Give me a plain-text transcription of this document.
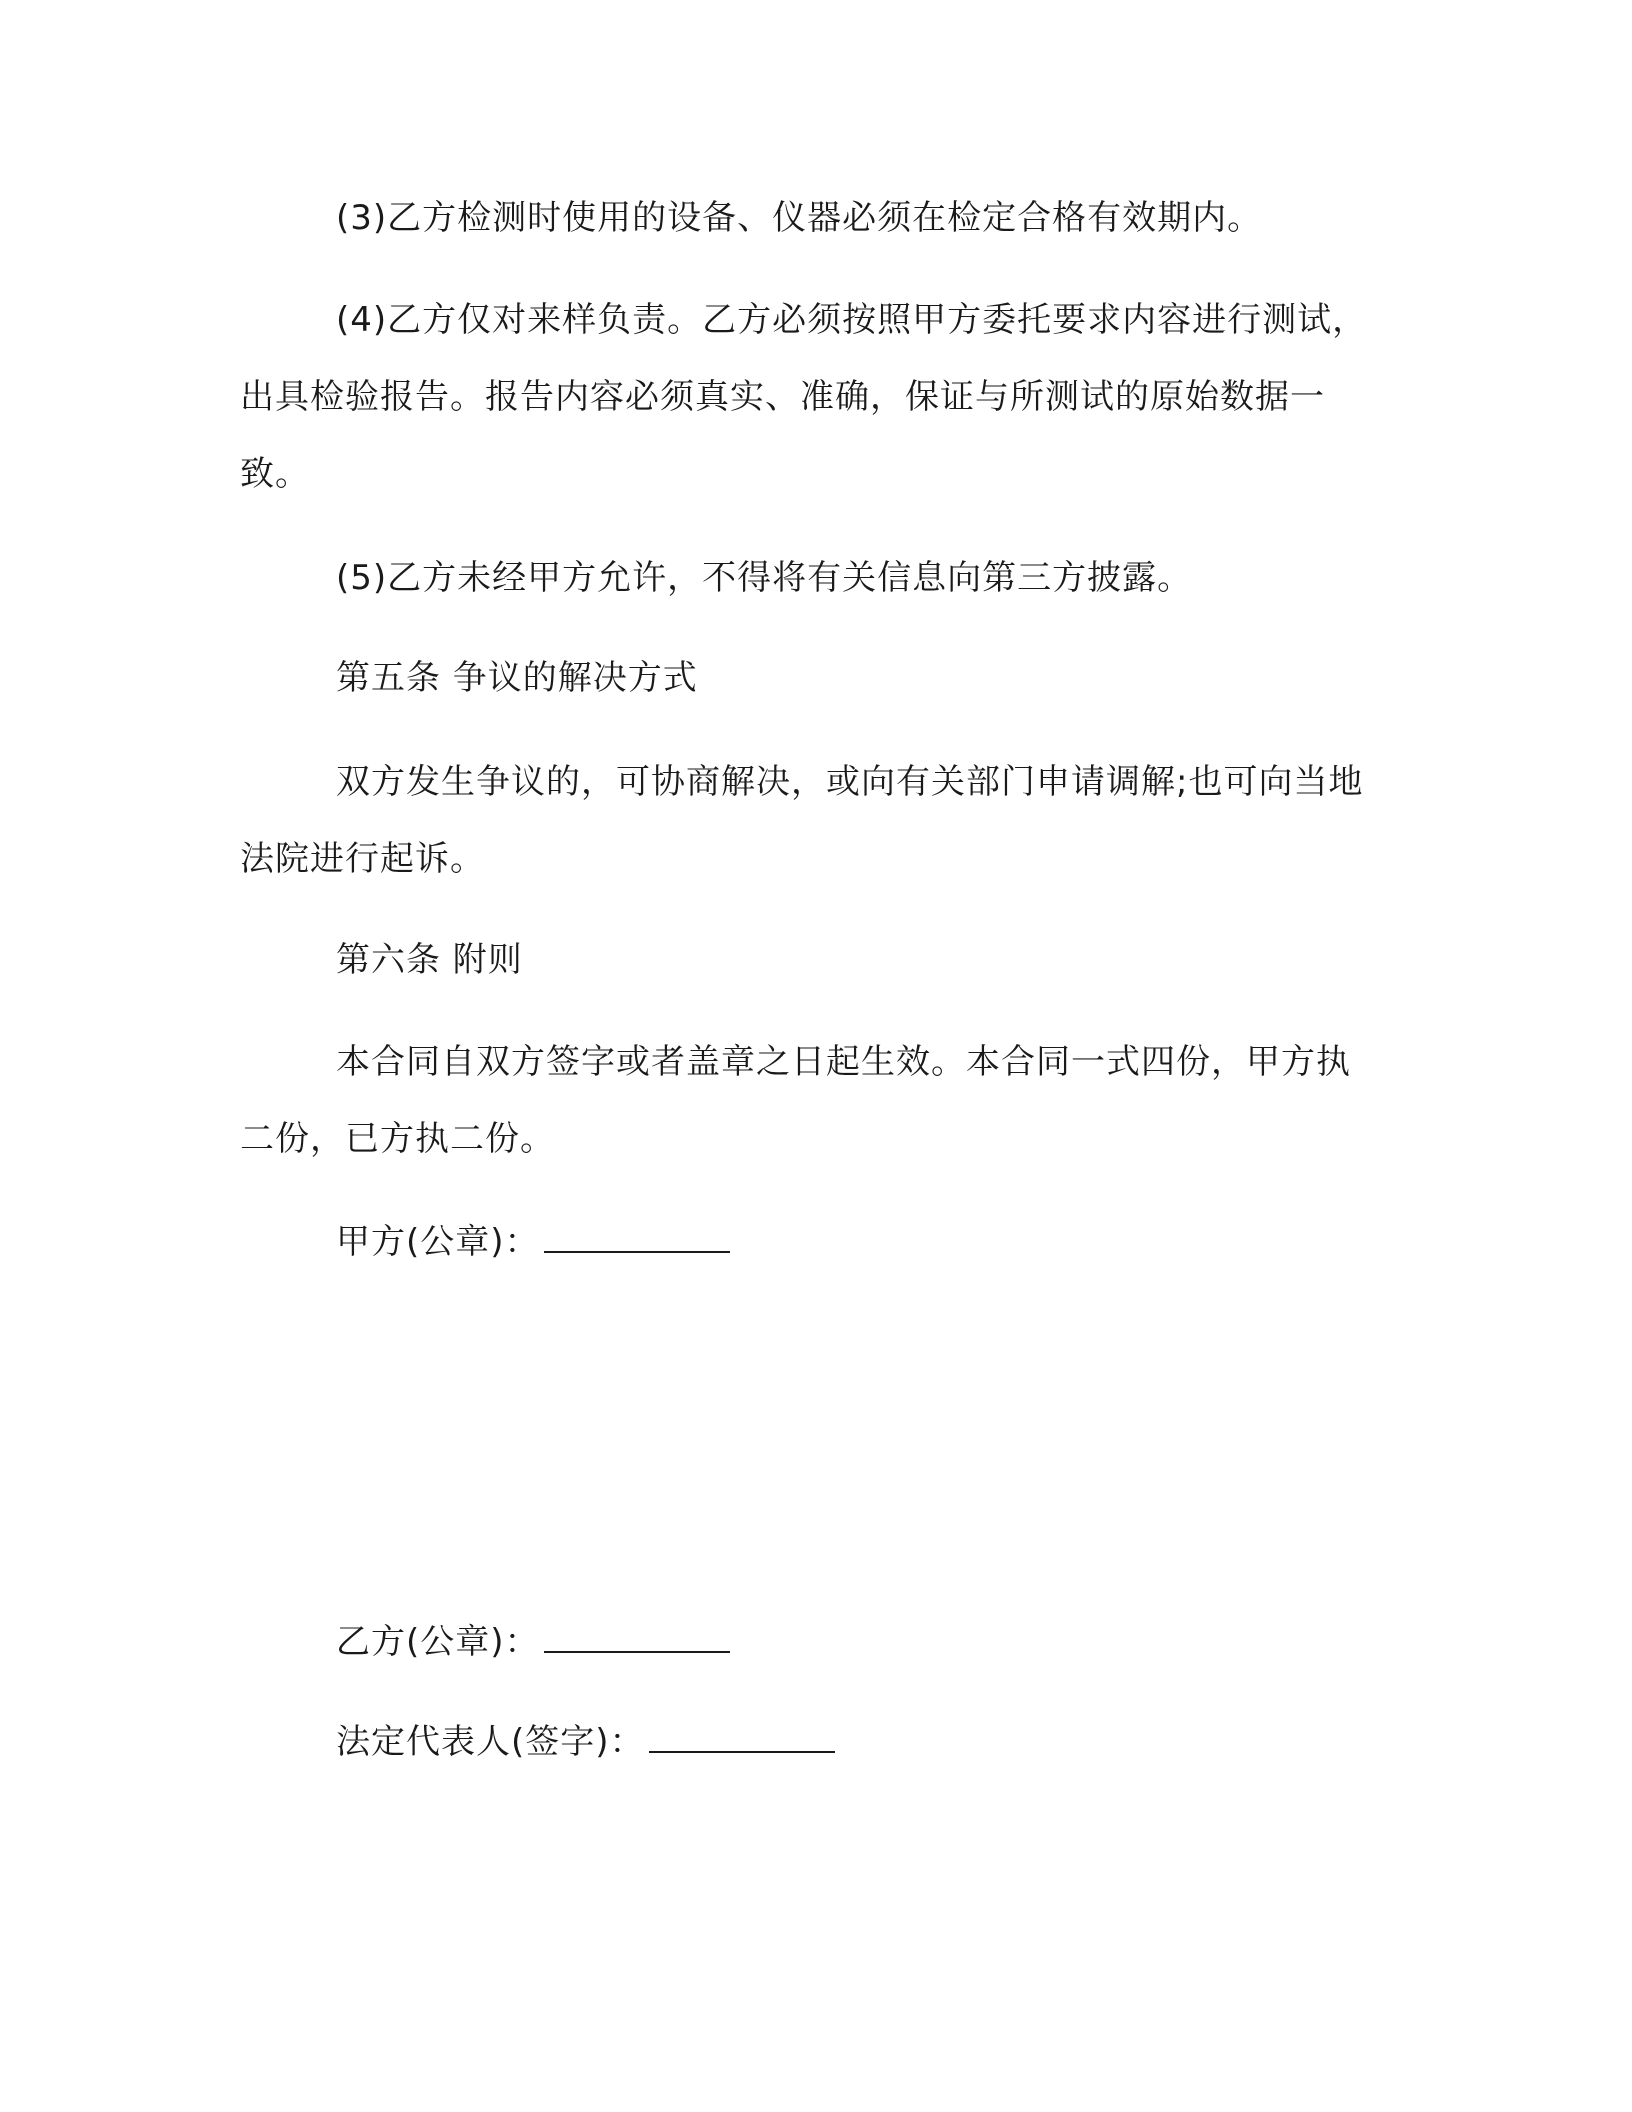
(3)乙方检测时使用的设备、仪器必须在检定合格有效期内。

(4)乙方仅对来样负责。乙方必须按照甲方委托要求内容进行测试，出具检验报告。报告内容必须真实、准确，保证与所测试的原始数据一致。

(5)乙方未经甲方允许，不得将有关信息向第三方披露。

第五条 争议的解决方式

双方发生争议的，可协商解决，或向有关部门申请调解;也可向当地法院进行起诉。

第六条 附则

本合同自双方签字或者盖章之日起生效。本合同一式四份，甲方执二份，已方执二份。

甲方(公章)：
乙方(公章)：
法定代表人(签字)：
